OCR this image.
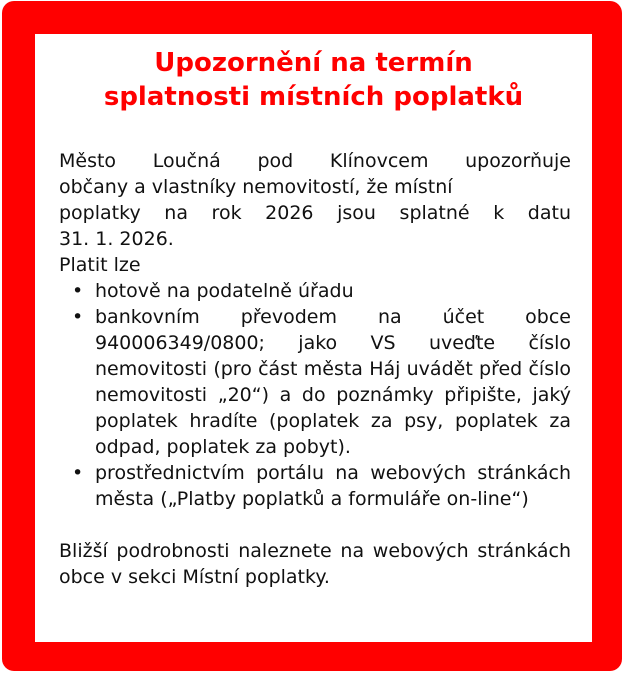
Upozornění na termín
splatnosti místních poplatků

Město Loučná pod Klínovcem upozorňuje
občany a vlastníky nemovitostí, že místní
poplatky na rok 2026 jsou splatné k datu
31. 1. 2026.

Platit lze

• hotově na podatelně úřadu
• bankovním převodem na účet obce 940006349/0800; jako VS uveďte číslo nemovitosti (pro část města Háj uvádět před číslo nemovitosti „20“) a do poznámky připište, jaký poplatek hradíte (poplatek za psy, poplatek za odpad, poplatek za pobyt).
• prostřednictvím portálu na webových stránkách města („Platby poplatků a formuláře on-line“)

Bližší podrobnosti naleznete na webových stránkách obce v sekci Místní poplatky.
